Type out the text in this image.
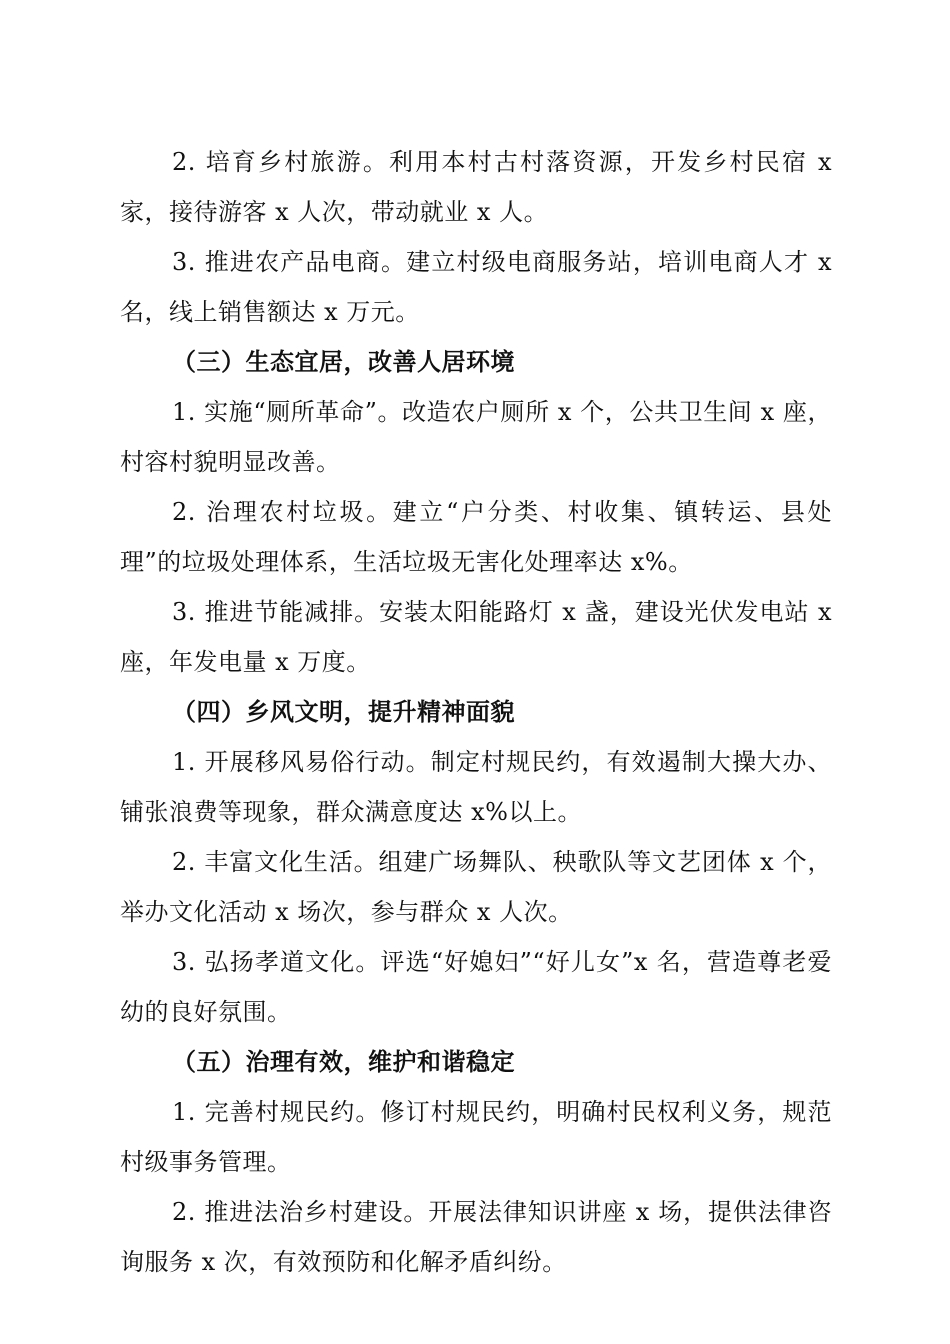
2. 培育乡村旅游。利用本村古村落资源，开发乡村民宿 x 家，接待游客 x 人次，带动就业 x 人。

3. 推进农产品电商。建立村级电商服务站，培训电商人才 x 名，线上销售额达 x 万元。

（三）生态宜居，改善人居环境

1. 实施“厕所革命”。改造农户厕所 x 个，公共卫生间 x 座，村容村貌明显改善。

2. 治理农村垃圾。建立“户分类、村收集、镇转运、县处理”的垃圾处理体系，生活垃圾无害化处理率达 x%。

3. 推进节能减排。安装太阳能路灯 x 盏，建设光伏发电站 x 座，年发电量 x 万度。

（四）乡风文明，提升精神面貌

1. 开展移风易俗行动。制定村规民约，有效遏制大操大办、铺张浪费等现象，群众满意度达 x%以上。

2. 丰富文化生活。组建广场舞队、秧歌队等文艺团体 x 个，举办文化活动 x 场次，参与群众 x 人次。

3. 弘扬孝道文化。评选“好媳妇”“好儿女”x 名，营造尊老爱幼的良好氛围。

（五）治理有效，维护和谐稳定

1. 完善村规民约。修订村规民约，明确村民权利义务，规范村级事务管理。

2. 推进法治乡村建设。开展法律知识讲座 x 场，提供法律咨询服务 x 次，有效预防和化解矛盾纠纷。
